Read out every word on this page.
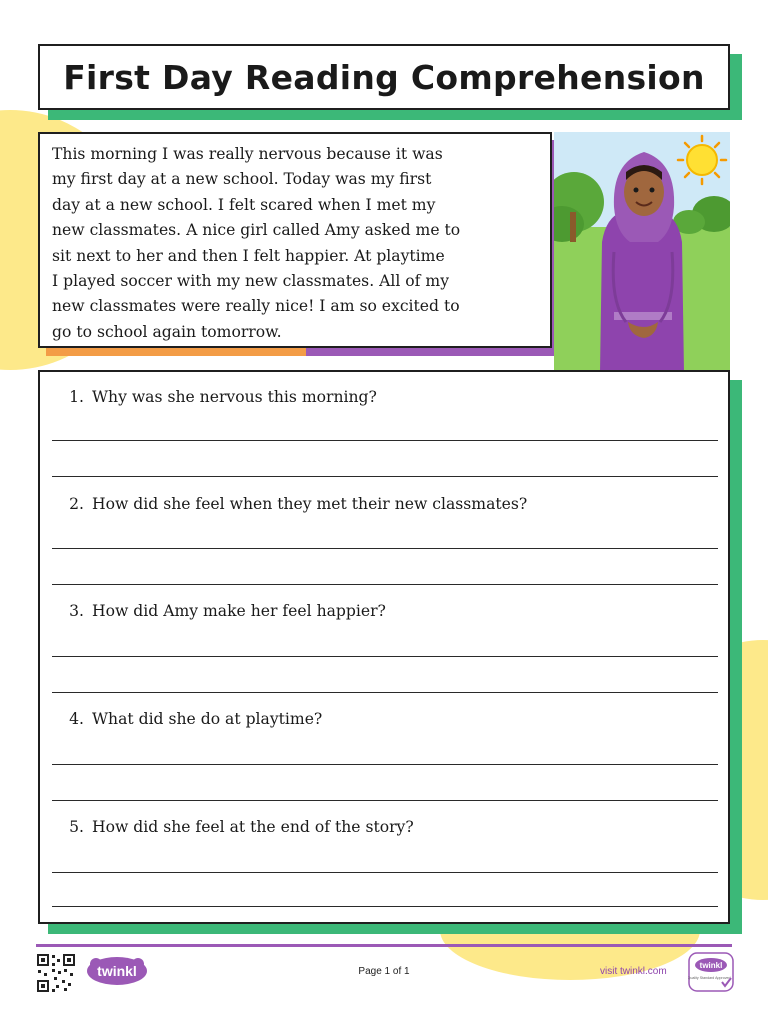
First Day Reading Comprehension
This morning I was really nervous because it was
my first day at a new school. Today was my first
day at a new school. I felt scared when I met my
new classmates. A nice girl called Amy asked me to
sit next to her and then I felt happier. At playtime
I played soccer with my new classmates. All of my
new classmates were really nice! I am so excited to
go to school again tomorrow.
1. Why was she nervous this morning?
2. How did she feel when they met their new classmates?
3. How did Amy make her feel happier?
4. What did she do at playtime?
5. How did she feel at the end of the story?
twinkl	Page 1 of 1	visit twinkl.com
twinkl
Quality Standard Approved
